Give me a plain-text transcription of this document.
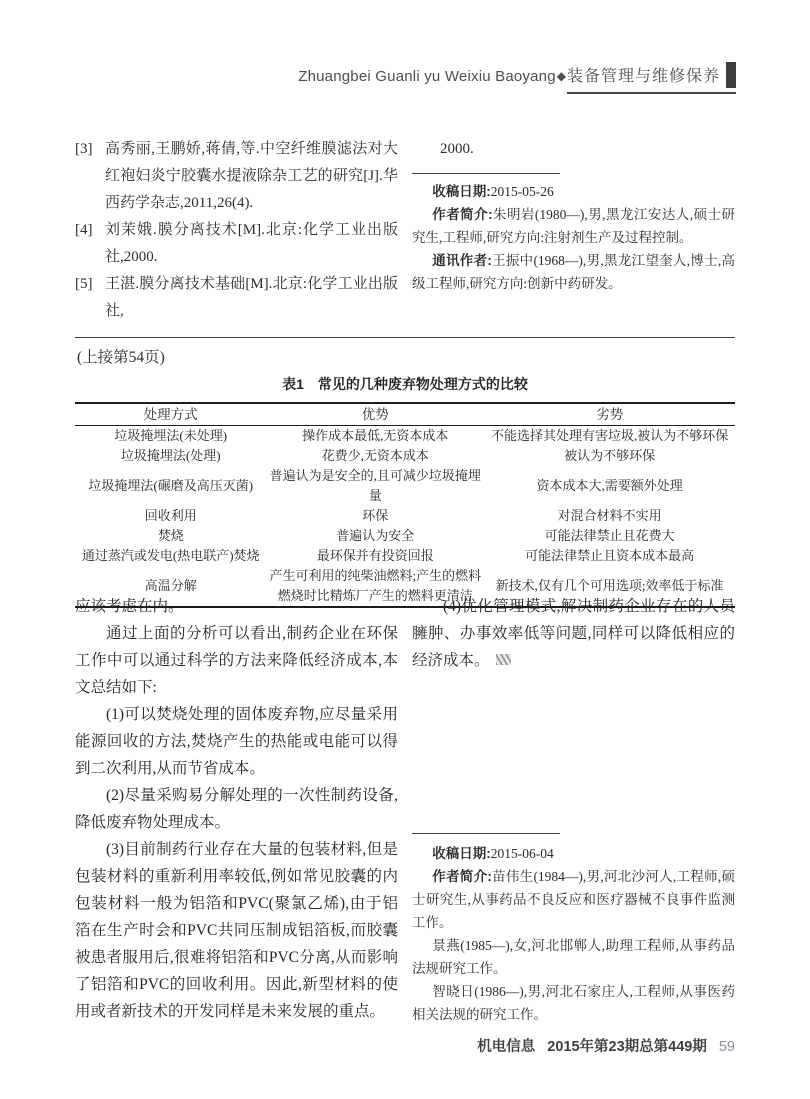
Zhuangbei Guanli yu Weixiu Baoyang◆装备管理与维修保养
[3] 高秀丽,王鹏娇,蒋倩,等.中空纤维膜滤法对大红袍妇炎宁胶囊水提液除杂工艺的研究[J].华西药学杂志,2011,26(4).
[4] 刘茉娥.膜分离技术[M].北京:化学工业出版社,2000.
[5] 王湛.膜分离技术基础[M].北京:化学工业出版社,

2000.

收稿日期:2015-05-26

作者简介:朱明岩(1980—),男,黑龙江安达人,硕士研究生,工程师,研究方向:注射剂生产及过程控制。

通讯作者:王振中(1968—),男,黑龙江望奎人,博士,高级工程师,研究方向:创新中药研发。

(上接第54页)

表1 常见的几种废弃物处理方式的比较

处理方式	优势	劣势
垃圾掩埋法(未处理)	操作成本最低,无资本成本	不能选择其处理有害垃圾,被认为不够环保
垃圾掩埋法(处理)	花费少,无资本成本	被认为不够环保
垃圾掩埋法(碾磨及高压灭菌)	普遍认为是安全的,且可减少垃圾掩埋量	资本成本大,需要额外处理
回收利用	环保	对混合材料不实用
焚烧	普遍认为安全	可能法律禁止且花费大
通过蒸汽或发电(热电联产)焚烧	最环保并有投资回报	可能法律禁止且资本成本最高
高温分解	产生可利用的纯柴油燃料;产生的燃料燃烧时比精炼厂产生的燃料更清洁	新技术,仅有几个可用选项;效率低于标准

应该考虑在内。

通过上面的分析可以看出,制药企业在环保工作中可以通过科学的方法来降低经济成本,本文总结如下:

(1)可以焚烧处理的固体废弃物,应尽量采用能源回收的方法,焚烧产生的热能或电能可以得到二次利用,从而节省成本。

(2)尽量采购易分解处理的一次性制药设备,降低废弃物处理成本。

(3)目前制药行业存在大量的包装材料,但是包装材料的重新利用率较低,例如常见胶囊的内包装材料一般为铝箔和PVC(聚氯乙烯),由于铝箔在生产时会和PVC共同压制成铝箔板,而胶囊被患者服用后,很难将铝箔和PVC分离,从而影响了铝箔和PVC的回收利用。因此,新型材料的使用或者新技术的开发同样是未来发展的重点。

(4)优化管理模式,解决制药企业存在的人员臃肿、办事效率低等问题,同样可以降低相应的经济成本。

收稿日期:2015-06-04

作者简介:苗伟生(1984—),男,河北沙河人,工程师,硕士研究生,从事药品不良反应和医疗器械不良事件监测工作。

景燕(1985—),女,河北邯郸人,助理工程师,从事药品法规研究工作。

智晓日(1986—),男,河北石家庄人,工程师,从事医药相关法规的研究工作。

机电信息 2015年第23期总第449期 59
